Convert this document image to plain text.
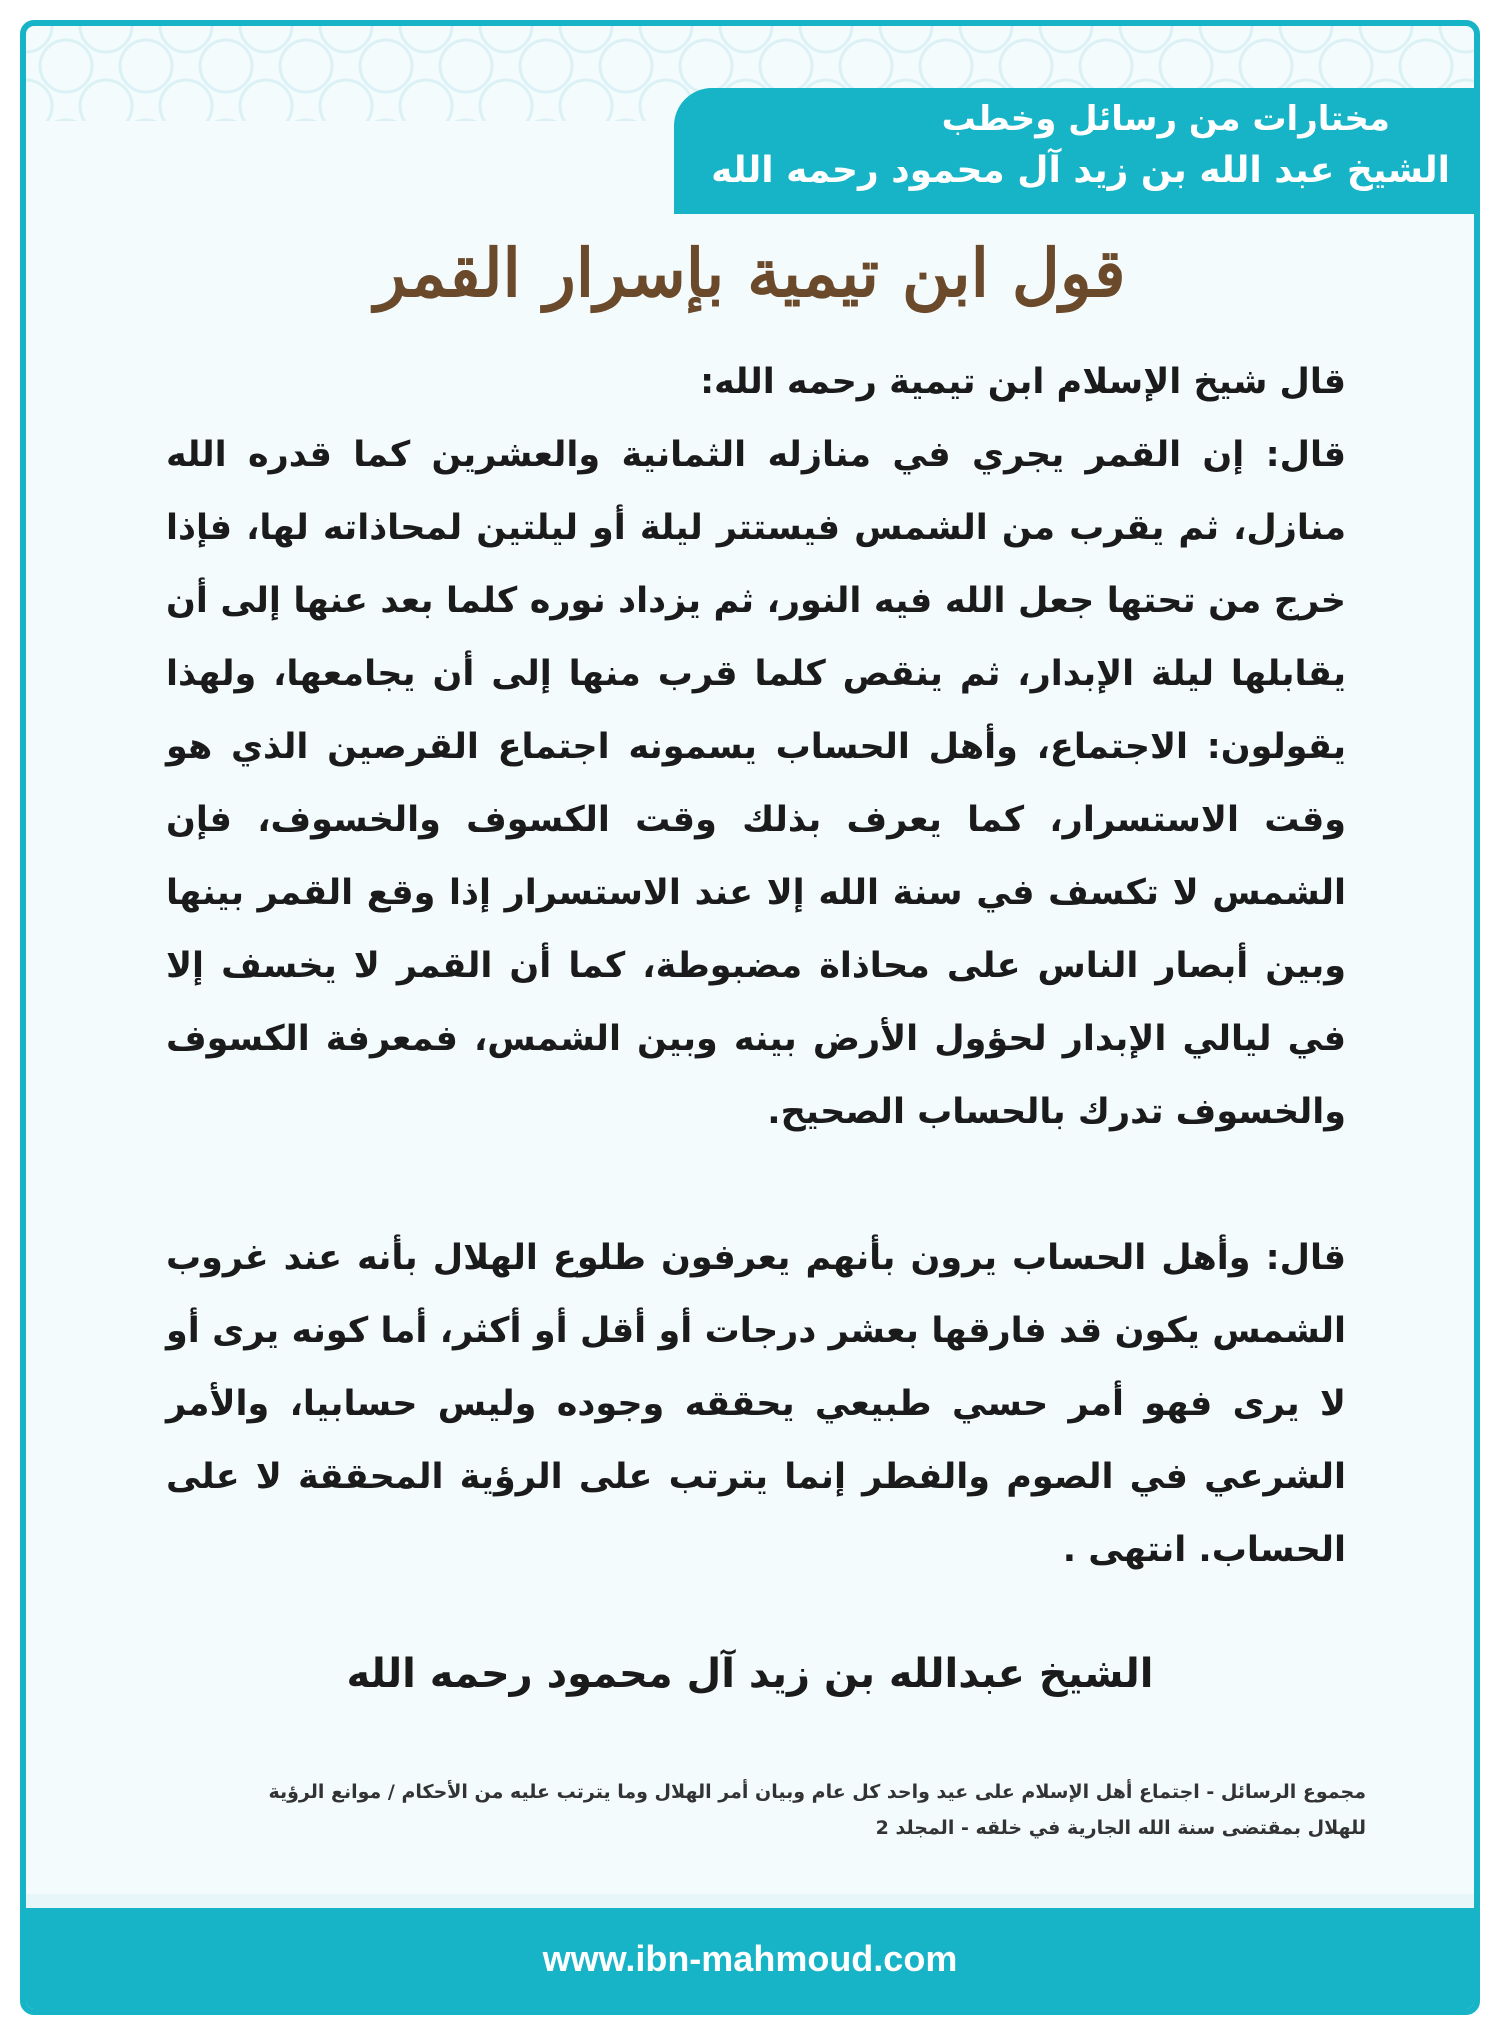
مختارات من رسائل وخطب
الشيخ عبد الله بن زيد آل محمود رحمه الله
قول ابن تيمية بإسرار القمر

قال شيخ الإسلام ابن تيمية رحمه الله:

قال: إن القمر يجري في منازله الثمانية والعشرين كما قدره الله منازل، ثم يقرب من الشمس فيستتر ليلة أو ليلتين لمحاذاته لها، فإذا خرج من تحتها جعل الله فيه النور، ثم يزداد نوره كلما بعد عنها إلى أن يقابلها ليلة الإبدار، ثم ينقص كلما قرب منها إلى أن يجامعها، ولهذا يقولون: الاجتماع، وأهل الحساب يسمونه اجتماع القرصين الذي هو وقت الاستسرار، كما يعرف بذلك وقت الكسوف والخسوف، فإن الشمس لا تكسف في سنة الله إلا عند الاستسرار إذا وقع القمر بينها وبين أبصار الناس على محاذاة مضبوطة، كما أن القمر لا يخسف إلا في ليالي الإبدار لحؤول الأرض بينه وبين الشمس، فمعرفة الكسوف والخسوف تدرك بالحساب الصحيح.

قال: وأهل الحساب يرون بأنهم يعرفون طلوع الهلال بأنه عند غروب الشمس يكون قد فارقها بعشر درجات أو أقل أو أكثر، أما كونه يرى أو لا يرى فهو أمر حسي طبيعي يحققه وجوده وليس حسابيا، والأمر الشرعي في الصوم والفطر إنما يترتب على الرؤية المحققة لا على الحساب. انتهى .

الشيخ عبدالله بن زيد آل محمود رحمه الله
مجموع الرسائل - اجتماع أهل الإسلام على عيد واحد كل عام وبيان أمر الهلال وما يترتب عليه من الأحكام / موانع الرؤية
للهلال بمقتضى سنة الله الجارية في خلقه - المجلد 2
www.ibn-mahmoud.com
